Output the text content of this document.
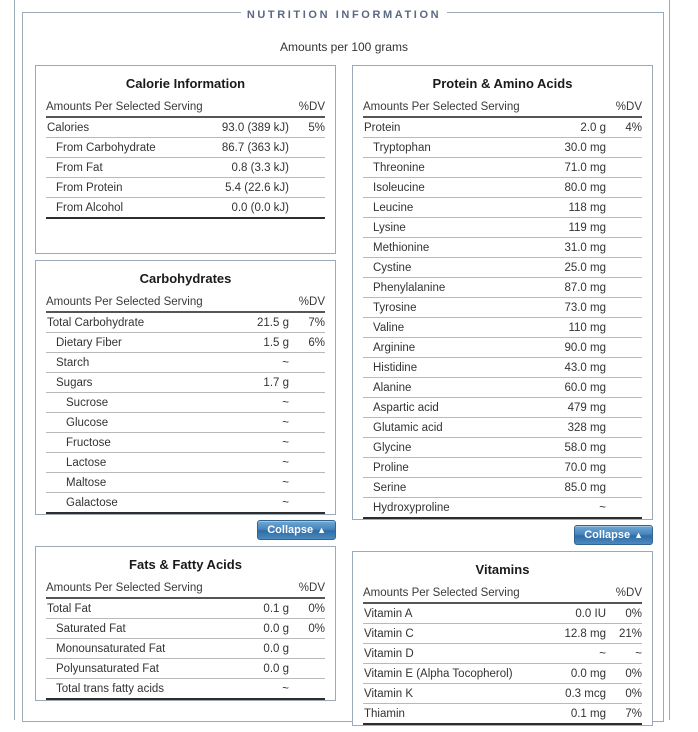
NUTRITION INFORMATION
Amounts per 100 grams
Calorie Information
Amounts Per Selected Serving		%DV
Calories	93.0 (389 kJ)	5%
From Carbohydrate	86.7 (363 kJ)	
From Fat	0.8 (3.3 kJ)	
From Protein	5.4 (22.6 kJ)	
From Alcohol	0.0 (0.0 kJ)	
Carbohydrates
Amounts Per Selected Serving		%DV
Total Carbohydrate	21.5 g	7%
Dietary Fiber	1.5 g	6%
Starch	~	
Sugars	1.7 g	
Sucrose	~	
Glucose	~	
Fructose	~	
Lactose	~	
Maltose	~	
Galactose	~	
Collapse ▲
Fats & Fatty Acids
Amounts Per Selected Serving		%DV
Total Fat	0.1 g	0%
Saturated Fat	0.0 g	0%
Monounsaturated Fat	0.0 g	
Polyunsaturated Fat	0.0 g	
Total trans fatty acids	~	
Protein & Amino Acids
Amounts Per Selected Serving		%DV
Protein	2.0 g	4%
Tryptophan	30.0 mg	
Threonine	71.0 mg	
Isoleucine	80.0 mg	
Leucine	118 mg	
Lysine	119 mg	
Methionine	31.0 mg	
Cystine	25.0 mg	
Phenylalanine	87.0 mg	
Tyrosine	73.0 mg	
Valine	110 mg	
Arginine	90.0 mg	
Histidine	43.0 mg	
Alanine	60.0 mg	
Aspartic acid	479 mg	
Glutamic acid	328 mg	
Glycine	58.0 mg	
Proline	70.0 mg	
Serine	85.0 mg	
Hydroxyproline	~	
Collapse ▲
Vitamins
Amounts Per Selected Serving		%DV
Vitamin A	0.0 IU	0%
Vitamin C	12.8 mg	21%
Vitamin D	~	~
Vitamin E (Alpha Tocopherol)	0.0 mg	0%
Vitamin K	0.3 mcg	0%
Thiamin	0.1 mg	7%
